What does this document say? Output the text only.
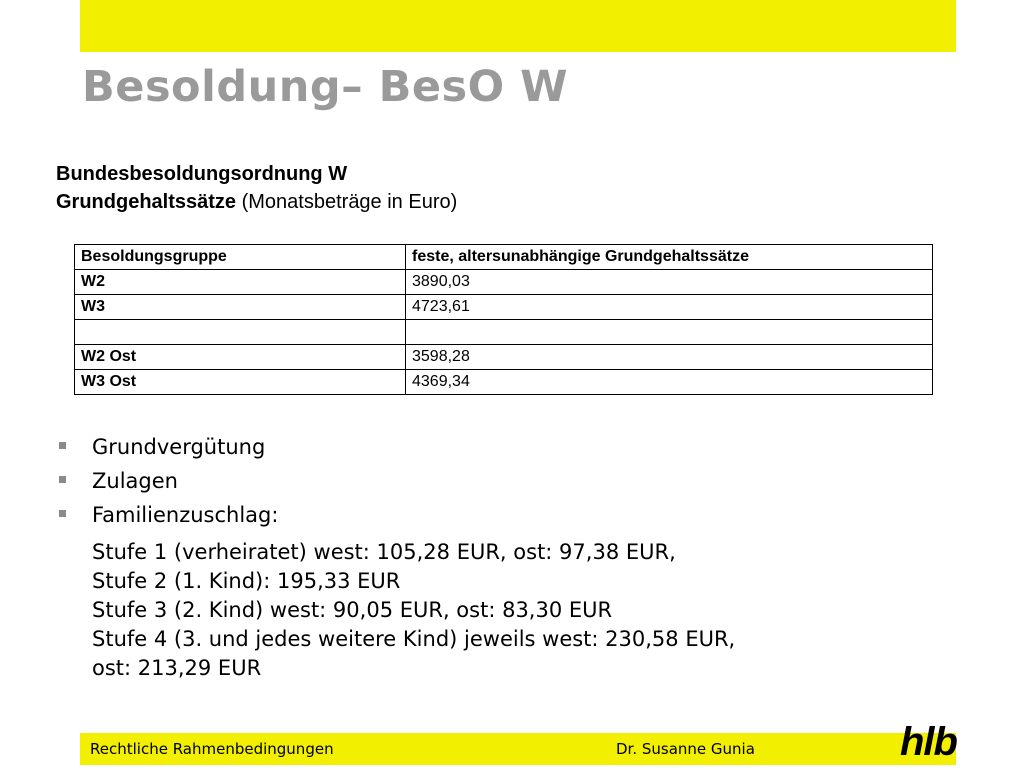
Besoldung– BesO W
Bundesbesoldungsordnung W
Grundgehaltssätze (Monatsbeträge in Euro)
Besoldungsgruppe	feste, altersunabhängige Grundgehaltssätze
W2	3890,03
W3	4723,61

W2 Ost	3598,28
W3 Ost	4369,34
Grundvergütung
Zulagen
Familienzuschlag:
Stufe 1 (verheiratet) west: 105,28 EUR, ost: 97,38 EUR,
Stufe 2 (1. Kind): 195,33 EUR
Stufe 3 (2. Kind) west: 90,05 EUR, ost: 83,30 EUR
Stufe 4 (3. und jedes weitere Kind) jeweils west: 230,58 EUR,
ost: 213,29 EUR
Rechtliche Rahmenbedingungen	Dr. Susanne Gunia	hlb
